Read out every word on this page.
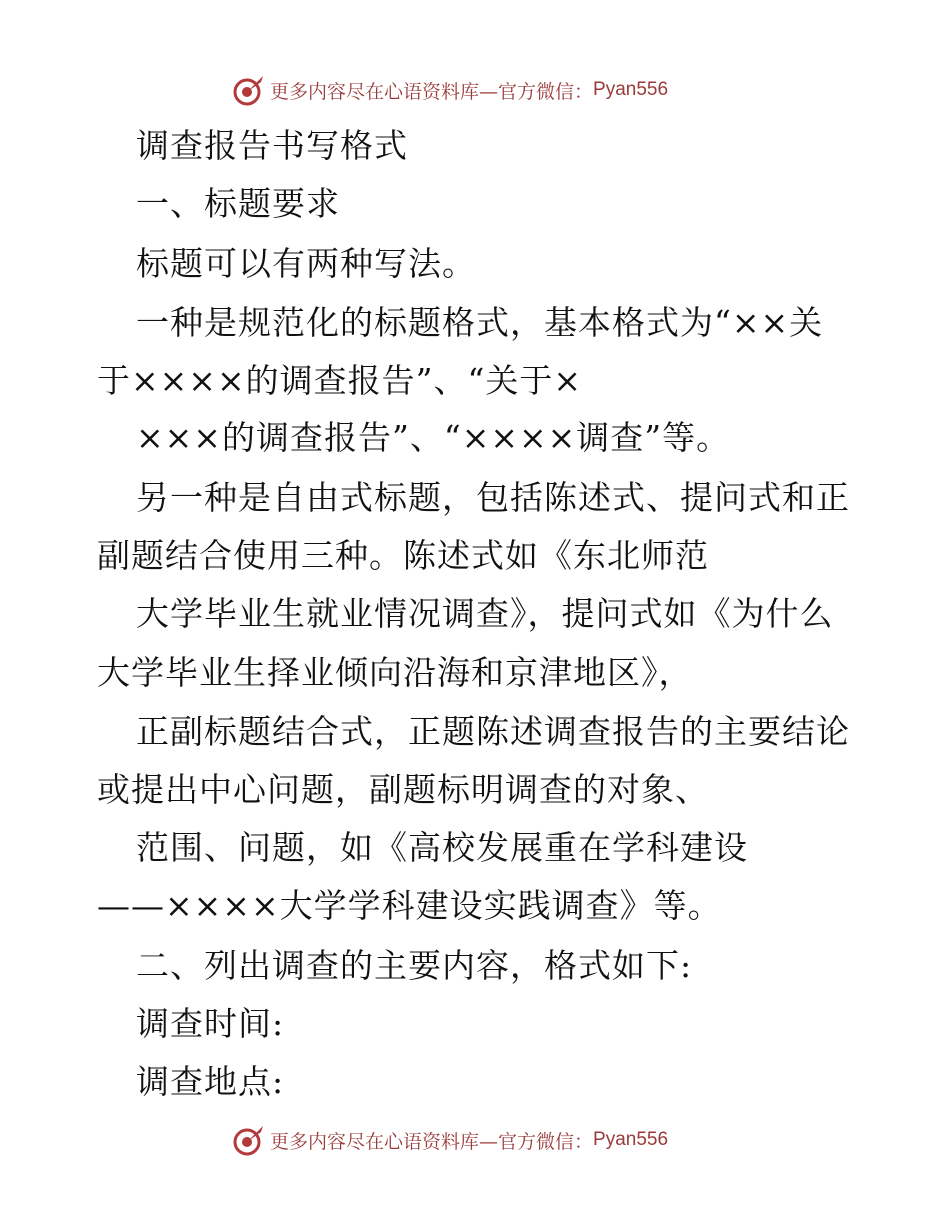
更多内容尽在心语资料库—官方微信： Pyan556
调查报告书写格式
一、标题要求
标题可以有两种写法。
一种是规范化的标题格式，基本格式为“××关
于××××的调查报告”、“关于×
×××的调查报告”、“××××调查”等。
另一种是自由式标题，包括陈述式、提问式和正
副题结合使用三种。陈述式如《东北师范
大学毕业生就业情况调查》，提问式如《为什么
大学毕业生择业倾向沿海和京津地区》，
正副标题结合式，正题陈述调查报告的主要结论
或提出中心问题，副题标明调查的对象、
范围、问题，如《高校发展重在学科建设
——××××大学学科建设实践调查》等。
二、列出调查的主要内容，格式如下:
调查时间:
调查地点:
更多内容尽在心语资料库—官方微信： Pyan556
